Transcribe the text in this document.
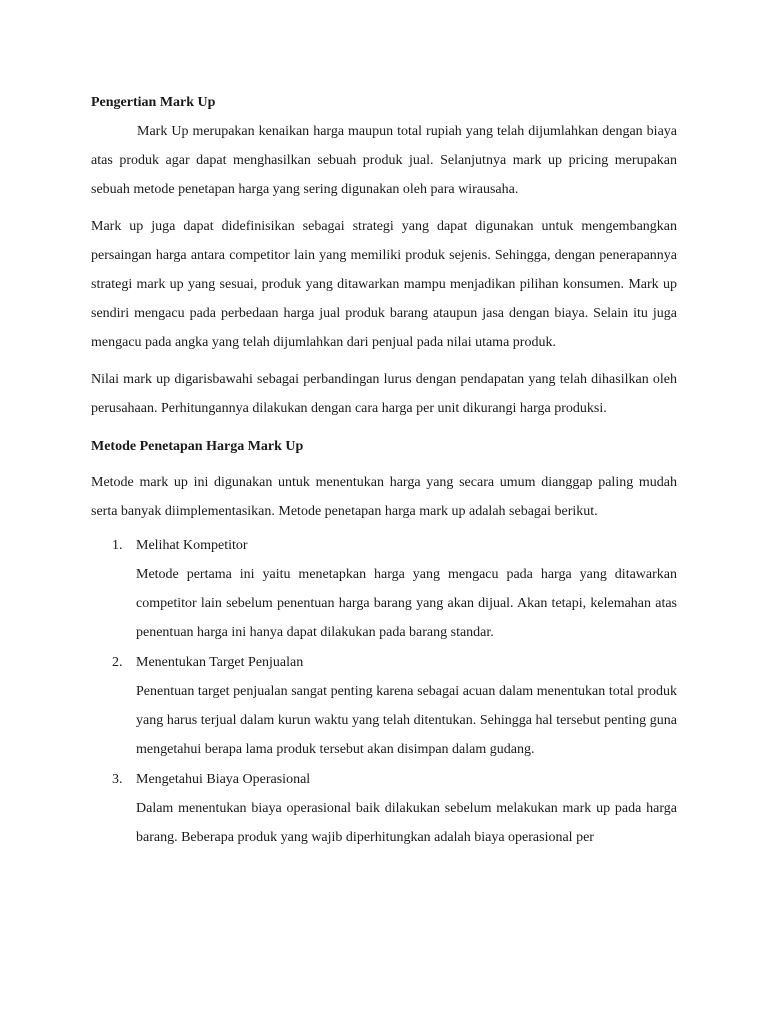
Pengertian Mark Up

Mark Up merupakan kenaikan harga maupun total rupiah yang telah dijumlahkan dengan biaya atas produk agar dapat menghasilkan sebuah produk jual. Selanjutnya mark up pricing merupakan sebuah metode penetapan harga yang sering digunakan oleh para wirausaha.

Mark up juga dapat didefinisikan sebagai strategi yang dapat digunakan untuk mengembangkan persaingan harga antara competitor lain yang memiliki produk sejenis. Sehingga, dengan penerapannya strategi mark up yang sesuai, produk yang ditawarkan mampu menjadikan pilihan konsumen. Mark up sendiri mengacu pada perbedaan harga jual produk barang ataupun jasa dengan biaya. Selain itu juga mengacu pada angka yang telah dijumlahkan dari penjual pada nilai utama produk.

Nilai mark up digarisbawahi sebagai perbandingan lurus dengan pendapatan yang telah dihasilkan oleh perusahaan. Perhitungannya dilakukan dengan cara harga per unit dikurangi harga produksi.

Metode Penetapan Harga Mark Up

Metode mark up ini digunakan untuk menentukan harga yang secara umum dianggap paling mudah serta banyak diimplementasikan. Metode penetapan harga mark up adalah sebagai berikut.

1. Melihat Kompetitor

Metode pertama ini yaitu menetapkan harga yang mengacu pada harga yang ditawarkan competitor lain sebelum penentuan harga barang yang akan dijual. Akan tetapi, kelemahan atas penentuan harga ini hanya dapat dilakukan pada barang standar.

2. Menentukan Target Penjualan

Penentuan target penjualan sangat penting karena sebagai acuan dalam menentukan total produk yang harus terjual dalam kurun waktu yang telah ditentukan. Sehingga hal tersebut penting guna mengetahui berapa lama produk tersebut akan disimpan dalam gudang.

3. Mengetahui Biaya Operasional

Dalam menentukan biaya operasional baik dilakukan sebelum melakukan mark up pada harga barang. Beberapa produk yang wajib diperhitungkan adalah biaya operasional per
